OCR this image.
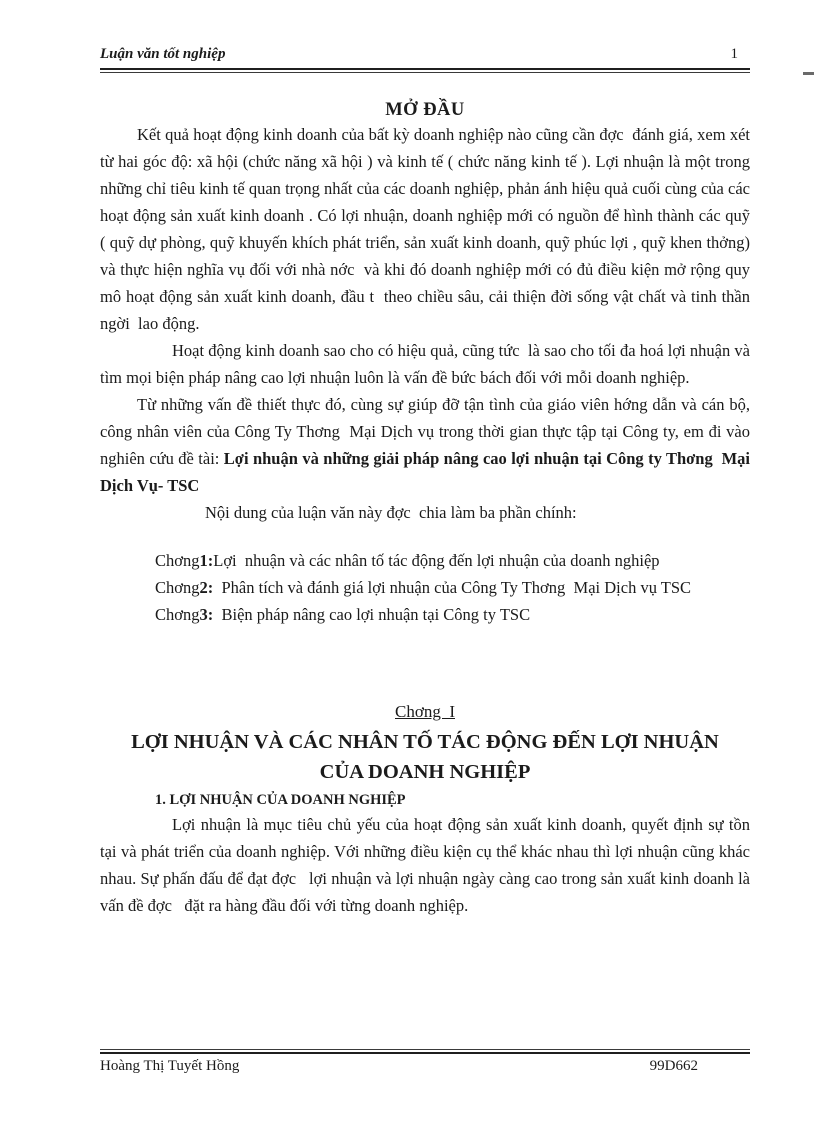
Luận văn tốt nghiệp	1
MỞ ĐẦU

Kết quả hoạt động kinh doanh của bất kỳ doanh nghiệp nào cũng cần đợc  đánh giá, xem xét từ hai góc độ: xã hội (chức năng xã hội ) và kinh tế ( chức năng kinh tế ). Lợi nhuận là một trong những chỉ tiêu kinh tế quan trọng nhất của các doanh nghiệp, phản ánh hiệu quả cuối cùng của các hoạt động sản xuất kinh doanh . Có lợi nhuận, doanh nghiệp mới có nguồn để hình thành các quỹ ( quỹ dự phòng, quỹ khuyến khích phát triển, sản xuất kinh doanh, quỹ phúc lợi , quỹ khen thởng)  và thực hiện nghĩa vụ đối với nhà nớc  và khi đó doanh nghiệp mới có đủ điều kiện mở rộng quy mô hoạt động sản xuất kinh doanh, đầu t  theo chiều sâu, cải thiện đời sống vật chất và tinh thần ngời  lao động.

Hoạt động kinh doanh sao cho có hiệu quả, cũng tức  là sao cho tối đa hoá lợi nhuận và tìm mọi biện pháp nâng cao lợi nhuận luôn là vấn đề bức bách đối với mỗi doanh nghiệp.

Từ những vấn đề thiết thực đó, cùng sự giúp đỡ tận tình của giáo viên hớng dẫn và cán bộ, công nhân viên của Công Ty Thơng  Mại Dịch vụ trong thời gian thực tập tại Công ty, em đi vào nghiên cứu đề tài: Lợi nhuận và những giải pháp nâng cao lợi nhuận tại Công ty Thơng  Mại Dịch Vụ- TSC

Nội dung của luận văn này đợc  chia làm ba phần chính:

Chơng1:Lợi  nhuận và các nhân tố tác động đến lợi nhuận của doanh nghiệp

Chơng2:  Phân tích và đánh giá lợi nhuận của Công Ty Thơng  Mại Dịch vụ TSC

Chơng3:  Biện pháp nâng cao lợi nhuận tại Công ty TSC

Chơng  I
LỢI NHUẬN VÀ CÁC NHÂN TỐ TÁC ĐỘNG ĐẾN LỢI NHUẬN
CỦA DOANH NGHIỆP
1. LỢI NHUẬN CỦA DOANH NGHIỆP

Lợi nhuận là mục tiêu chủ yếu của hoạt động sản xuất kinh doanh, quyết định sự tồn tại và phát triển của doanh nghiệp. Với những điều kiện cụ thể khác nhau thì lợi nhuận cũng khác nhau. Sự phấn đấu để đạt đợc   lợi nhuận và lợi nhuận ngày càng cao trong sản xuất kinh doanh là vấn đề đợc   đặt ra hàng đầu đối với từng doanh nghiệp.

Hoàng Thị Tuyết Hồng	99D662
